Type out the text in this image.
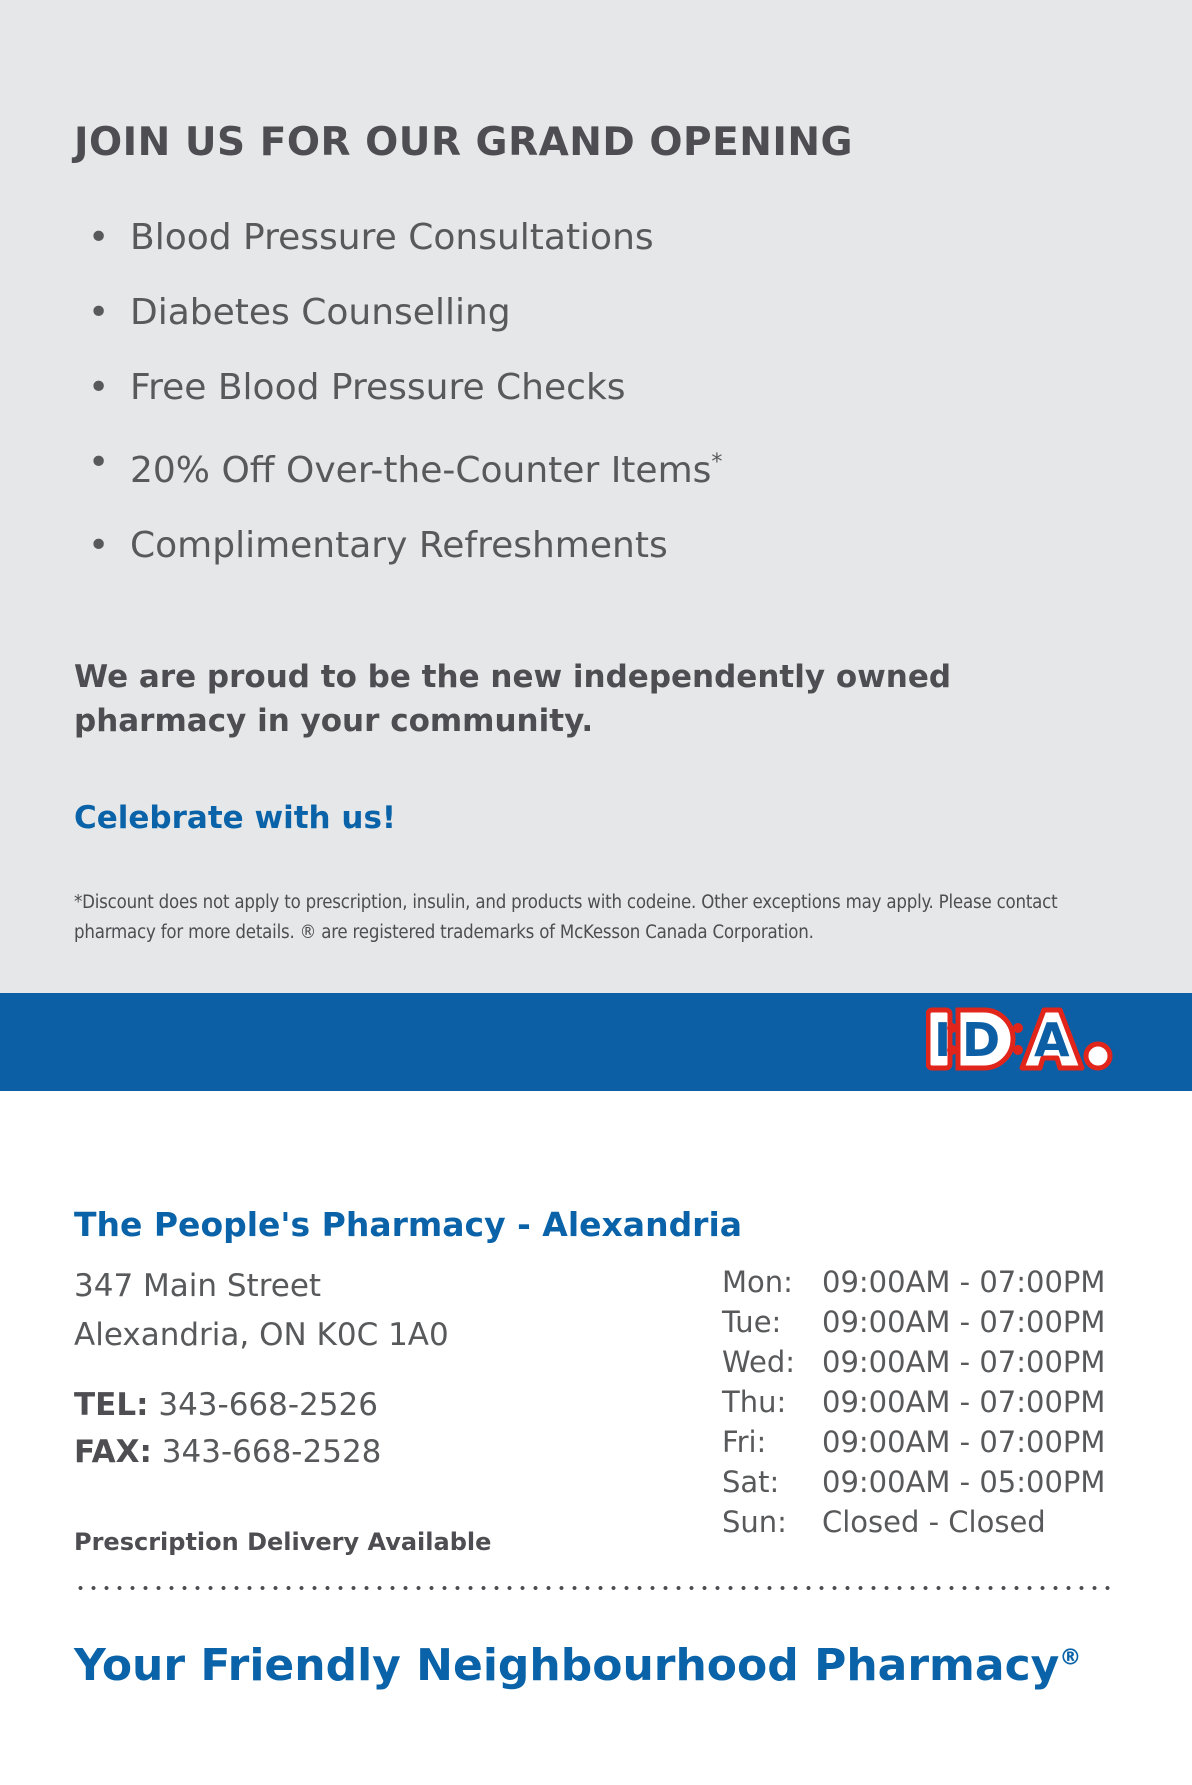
JOIN US FOR OUR GRAND OPENING
• Blood Pressure Consultations
• Diabetes Counselling
• Free Blood Pressure Checks
• 20% Off Over-the-Counter Items*
• Complimentary Refreshments
We are proud to be the new independently owned pharmacy in your community.
Celebrate with us!
*Discount does not apply to prescription, insulin, and products with codeine. Other exceptions may apply. Please contact pharmacy for more details. ® are registered trademarks of McKesson Canada Corporation.
I D A
The People's Pharmacy - Alexandria
347 Main Street
Alexandria, ON K0C 1A0
TEL: 343-668-2526
FAX: 343-668-2528
Prescription Delivery Available
Mon:	09:00AM - 07:00PM
Tue:	09:00AM - 07:00PM
Wed: 09:00AM - 07:00PM
Thu:	09:00AM - 07:00PM
Fri:	09:00AM - 07:00PM
Sat:	09:00AM - 05:00PM
Sun:	Closed - Closed
Your Friendly Neighbourhood Pharmacy®
